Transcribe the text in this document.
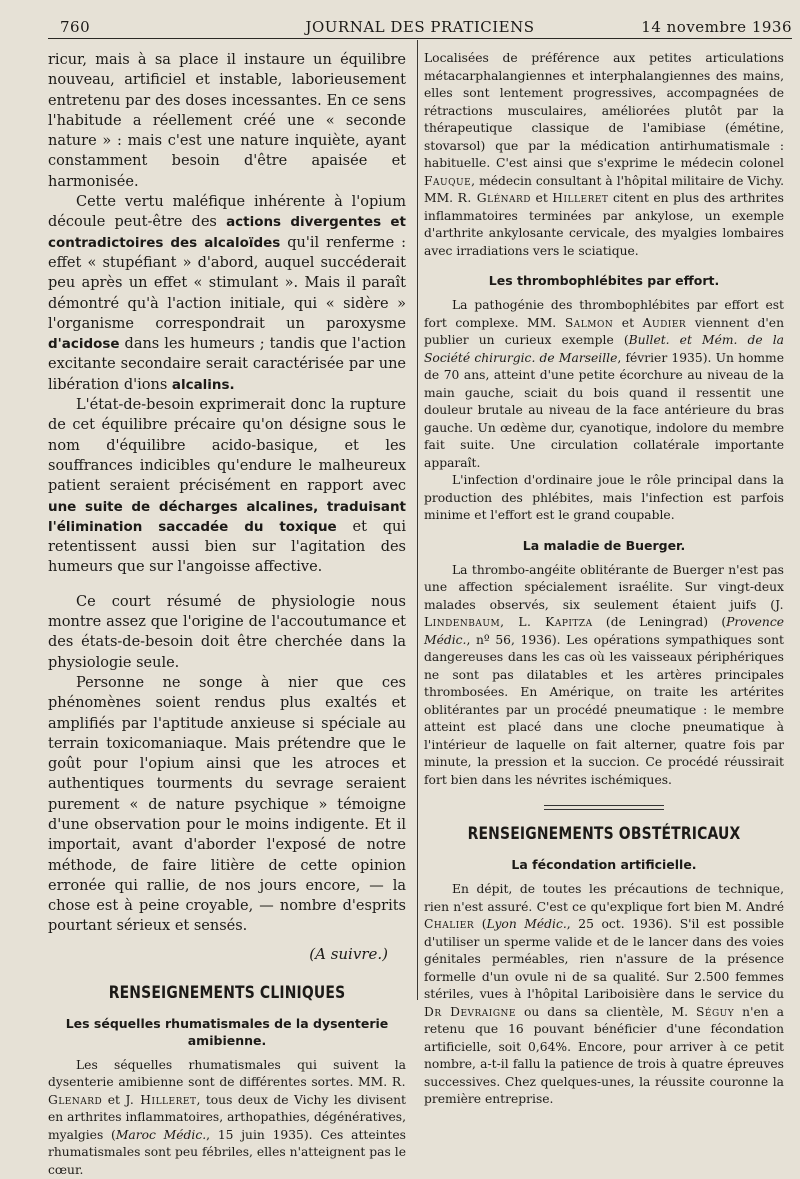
760	JOURNAL DES PRATICIENS	14 novembre 1936

ricur, mais à sa place il instaure un équilibre nouveau, artificiel et instable, laborieusement entretenu par des doses incessantes. En ce sens l'habitude a réellement créé une « seconde nature » : mais c'est une nature inquiète, ayant constamment besoin d'être apaisée et harmonisée.

Cette vertu maléfique inhérente à l'opium découle peut-être des actions divergentes et contradictoires des alcaloïdes qu'il renferme : effet « stupéfiant » d'abord, auquel succéderait peu après un effet « stimulant ». Mais il paraît démontré qu'à l'action initiale, qui « sidère » l'organisme correspondrait un paroxysme d'acidose dans les humeurs ; tandis que l'action excitante secondaire serait caractérisée par une libération d'ions alcalins.

L'état-de-besoin exprimerait donc la rupture de cet équilibre précaire qu'on désigne sous le nom d'équilibre acido-basique, et les souffrances indicibles qu'endure le malheureux patient seraient précisément en rapport avec une suite de décharges alcalines, traduisant l'élimination saccadée du toxique et qui retentissent aussi bien sur l'agitation des humeurs que sur l'angoisse affective.

Ce court résumé de physiologie nous montre assez que l'origine de l'accoutumance et des états-de-besoin doit être cherchée dans la physiologie seule.

Personne ne songe à nier que ces phénomènes soient rendus plus exaltés et amplifiés par l'aptitude anxieuse si spéciale au terrain toxicomaniaque. Mais prétendre que le goût pour l'opium ainsi que les atroces et authentiques tourments du sevrage seraient purement « de nature psychique » témoigne d'une observation pour le moins indigente. Et il importait, avant d'aborder l'exposé de notre méthode, de faire litière de cette opinion erronée qui rallie, de nos jours encore, — la chose est à peine croyable, — nombre d'esprits pourtant sérieux et sensés.

(A suivre.)
RENSEIGNEMENTS CLINIQUES
Les séquelles rhumatismales de la dysenterie amibienne.

Les séquelles rhumatismales qui suivent la dysenterie amibienne sont de différentes sortes. MM. R. Glenard et J. Hilleret, tous deux de Vichy les divisent en arthrites inflammatoires, arthopathies, dégénératives, myalgies (Maroc Médic., 15 juin 1935). Ces atteintes rhumatismales sont peu fébriles, elles n'atteignent pas le cœur.

Localisées de préférence aux petites articulations métacarphalangiennes et interphalangiennes des mains, elles sont lentement progressives, accompagnées de rétractions musculaires, améliorées plutôt par la thérapeutique classique de l'amibiase (émétine, stovarsol) que par la médication antirhumatismale : habituelle. C'est ainsi que s'exprime le médecin colonel Fauque, médecin consultant à l'hôpital militaire de Vichy. MM. R. Glénard et Hilleret citent en plus des arthrites inflammatoires terminées par ankylose, un exemple d'arthrite ankylosante cervicale, des myalgies lombaires avec irradiations vers le sciatique.

Les thrombophlébites par effort.

La pathogénie des thrombophlébites par effort est fort complexe. MM. Salmon et Audier viennent d'en publier un curieux exemple (Bullet. et Mém. de la Société chirurgic. de Marseille, février 1935). Un homme de 70 ans, atteint d'une petite écorchure au niveau de la main gauche, sciait du bois quand il ressentit une douleur brutale au niveau de la face antérieure du bras gauche. Un œdème dur, cyanotique, indolore du membre fait suite. Une circulation collatérale importante apparaît.

L'infection d'ordinaire joue le rôle principal dans la production des phlébites, mais l'infection est parfois minime et l'effort est le grand coupable.

La maladie de Buerger.

La thrombo-angéite oblitérante de Buerger n'est pas une affection spécialement israélite. Sur vingt-deux malades observés, six seulement étaient juifs (J. Lindenbaum, L. Kapitza (de Leningrad) (Provence Médic., nº 56, 1936). Les opérations sympathiques sont dangereuses dans les cas où les vaisseaux périphériques ne sont pas dilatables et les artères principales thrombosées. En Amérique, on traite les artérites oblitérantes par un procédé pneumatique : le membre atteint est placé dans une cloche pneumatique à l'intérieur de laquelle on fait alterner, quatre fois par minute, la pression et la succion. Ce procédé réussirait fort bien dans les névrites ischémiques.

RENSEIGNEMENTS OBSTÉTRICAUX
La fécondation artificielle.

En dépit, de toutes les précautions de technique, rien n'est assuré. C'est ce qu'explique fort bien M. André Chalier (Lyon Médic., 25 oct. 1936). S'il est possible d'utiliser un sperme valide et de le lancer dans des voies génitales perméables, rien n'assure de la présence formelle d'un ovule ni de sa qualité. Sur 2.500 femmes stériles, vues à l'hôpital Lariboisière dans le service du Dr Devraigne ou dans sa clientèle, M. Séguy n'en a retenu que 16 pouvant bénéficier d'une fécondation artificielle, soit 0,64%. Encore, pour arriver à ce petit nombre, a-t-il fallu la patience de trois à quatre épreuves successives. Chez quelques-unes, la réussite couronne la première entreprise.
